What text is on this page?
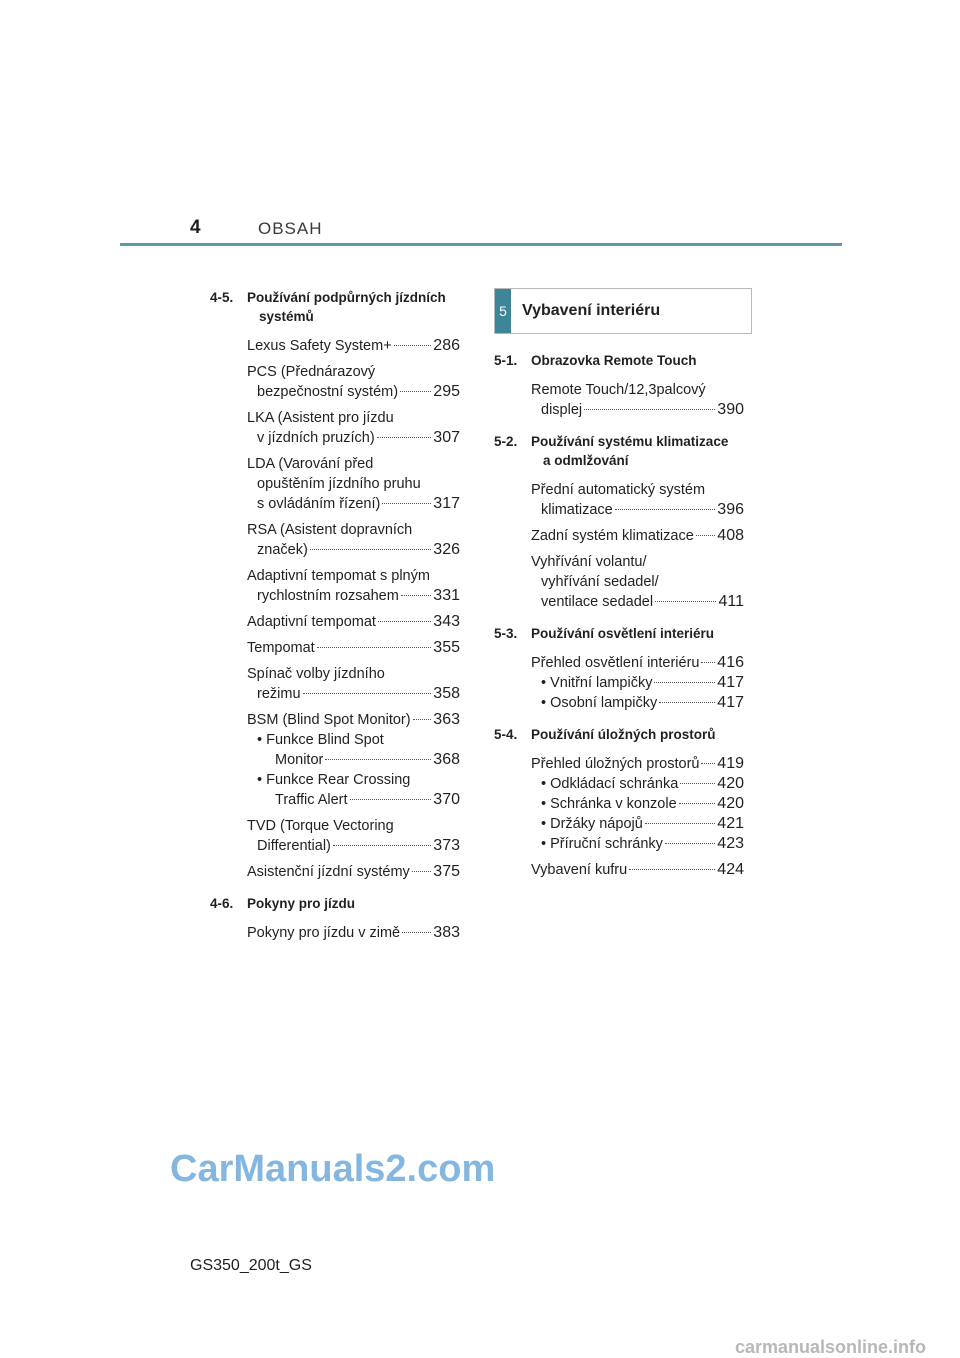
4	OBSAH
4-5.	Používání podpůrných jízdních
systémů
Lexus Safety System+	286
PCS (Přednárazový
bezpečnostní systém) 295
LKA (Asistent pro jízdu
v jízdních pruzích)	307
LDA (Varování před
opuštěním jízdního pruhu
s ovládáním řízení)	317
RSA (Asistent dopravních
značek)	326
Adaptivní tempomat s plným
rychlostním rozsahem 331
Adaptivní tempomat	343
Tempomat	355
Spínač volby jízdního
režimu	358
BSM (Blind Spot Monitor) 363
• Funkce Blind Spot
Monitor	368
• Funkce Rear Crossing
Traffic Alert	370
TVD (Torque Vectoring
Differential)	373
Asistenční jízdní systémy 375
4-6.	Pokyny pro jízdu
Pokyny pro jízdu v zimě 383
5 Vybavení interiéru
5-1.	Obrazovka Remote Touch
Remote Touch/12,3palcový
displej	390
5-2.	Používání systému klimatizace
a odmlžování
Přední automatický systém
klimatizace	396
Zadní systém klimatizace 408
Vyhřívání volantu/
vyhřívání sedadel/
ventilace sedadel	411
5-3.	Používání osvětlení interiéru
Přehled osvětlení interiéru 416
• Vnitřní lampičky	417
• Osobní lampičky	417
5-4.	Používání úložných prostorů
Přehled úložných prostorů 419
• Odkládací schránka 420
• Schránka v konzole	420
• Držáky nápojů	421
• Příruční schránky	423
Vybavení kufru	424
GS350_200t_GS
CarManuals2.com
carmanualsonline.info
